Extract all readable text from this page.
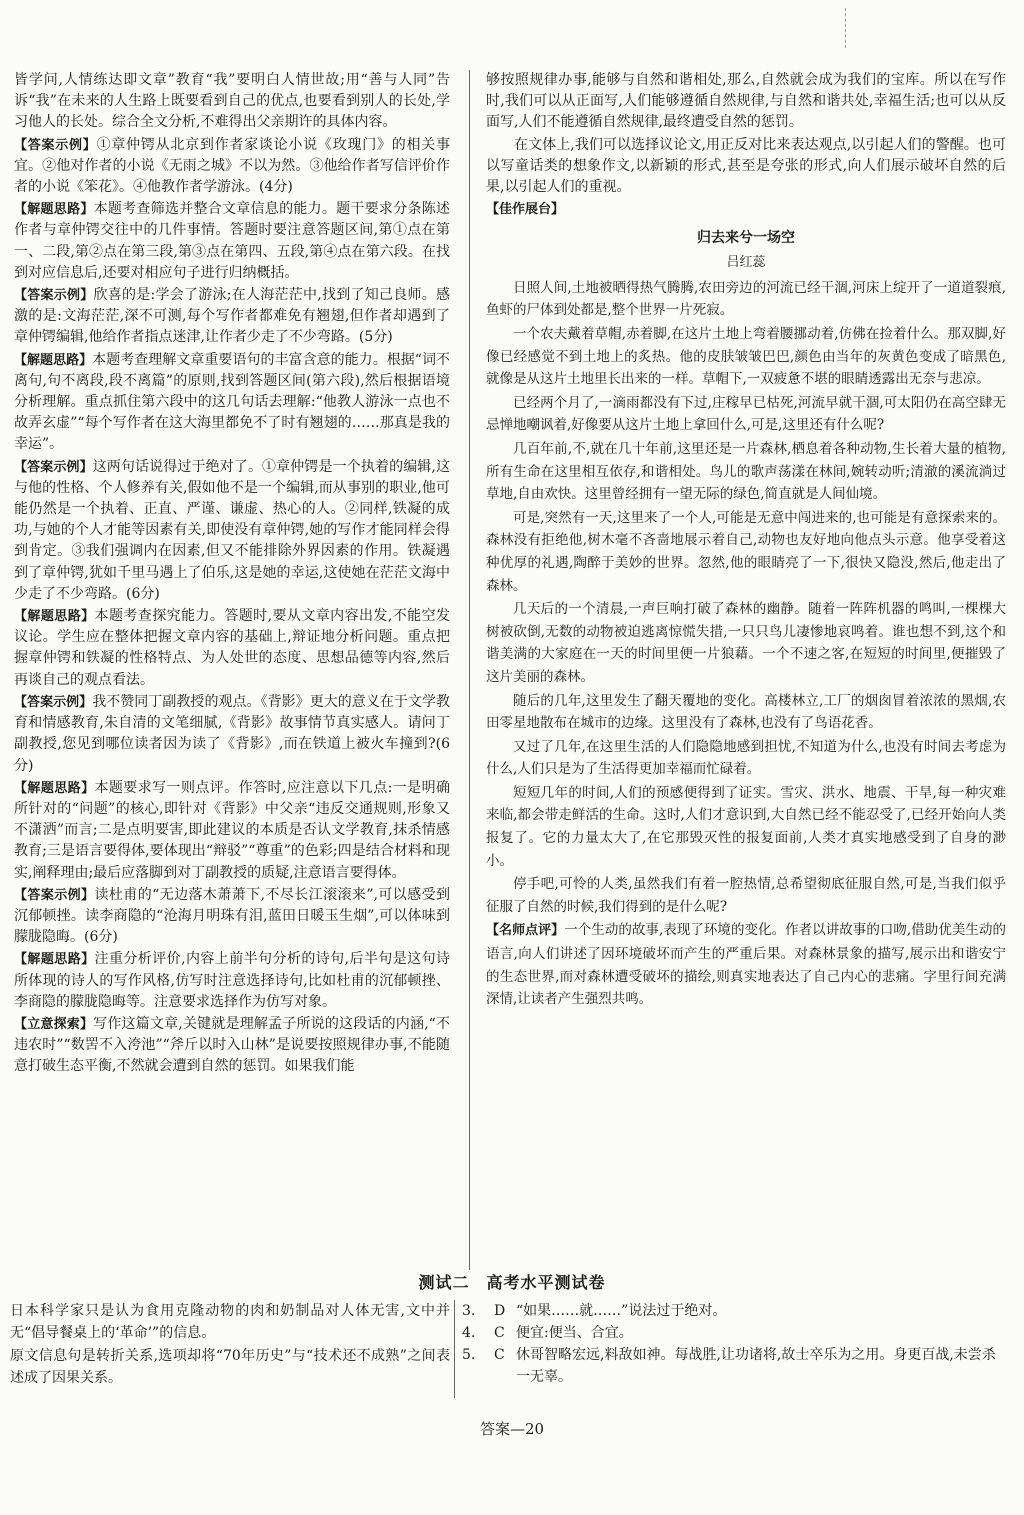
皆学问,人情练达即文章”教育“我”要明白人情世故;用“善与人同”告诉“我”在未来的人生路上既要看到自己的优点,也要看到别人的长处,学习他人的长处。综合全文分析,不难得出父亲期许的具体内容。

【答案示例】①章仲锷从北京到作者家谈论小说《玫瑰门》的相关事宜。②他对作者的小说《无雨之城》不以为然。③他给作者写信评价作者的小说《笨花》。④他教作者学游泳。(4分)

【解题思路】本题考查筛选并整合文章信息的能力。题干要求分条陈述作者与章仲锷交往中的几件事情。答题时要注意答题区间,第①点在第一、二段,第②点在第三段,第③点在第四、五段,第④点在第六段。在找到对应信息后,还要对相应句子进行归纳概括。

【答案示例】欣喜的是:学会了游泳;在人海茫茫中,找到了知己良师。感激的是:文海茫茫,深不可测,每个写作者都难免有翘翅,但作者却遇到了章仲锷编辑,他给作者指点迷津,让作者少走了不少弯路。(5分)

【解题思路】本题考查理解文章重要语句的丰富含意的能力。根据“词不离句,句不离段,段不离篇”的原则,找到答题区间(第六段),然后根据语境分析理解。重点抓住第六段中的这几句话去理解:“他教人游泳一点也不故弄玄虚”“每个写作者在这大海里都免不了时有翘翅的……那真是我的幸运”。

【答案示例】这两句话说得过于绝对了。①章仲锷是一个执着的编辑,这与他的性格、个人修养有关,假如他不是一个编辑,而从事别的职业,他可能仍然是一个执着、正直、严谨、谦虚、热心的人。②同样,铁凝的成功,与她的个人才能等因素有关,即使没有章仲锷,她的写作才能同样会得到肯定。③我们强调内在因素,但又不能排除外界因素的作用。铁凝遇到了章仲锷,犹如千里马遇上了伯乐,这是她的幸运,这使她在茫茫文海中少走了不少弯路。(6分)

【解题思路】本题考查探究能力。答题时,要从文章内容出发,不能空发议论。学生应在整体把握文章内容的基础上,辩证地分析问题。重点把握章仲锷和铁凝的性格特点、为人处世的态度、思想品德等内容,然后再谈自己的观点看法。

【答案示例】我不赞同丁副教授的观点。《背影》更大的意义在于文学教育和情感教育,朱自清的文笔细腻,《背影》故事情节真实感人。请问丁副教授,您见到哪位读者因为读了《背影》,而在铁道上被火车撞到?(6分)

【解题思路】本题要求写一则点评。作答时,应注意以下几点:一是明确所针对的“问题”的核心,即针对《背影》中父亲“违反交通规则,形象又不潇洒”而言;二是点明要害,即此建议的本质是否认文学教育,抹杀情感教育;三是语言要得体,要体现出“辩驳”“尊重”的色彩;四是结合材料和现实,阐释理由;最后应落脚到对丁副教授的质疑,注意语言要得体。

【答案示例】读杜甫的“无边落木萧萧下,不尽长江滚滚来”,可以感受到沉郁顿挫。读李商隐的“沧海月明珠有泪,蓝田日暖玉生烟”,可以体味到朦胧隐晦。(6分)

【解题思路】注重分析评价,内容上前半句分析的诗句,后半句是这句诗所体现的诗人的写作风格,仿写时注意选择诗句,比如杜甫的沉郁顿挫、李商隐的朦胧隐晦等。注意要求选择作为仿写对象。

【立意探索】写作这篇文章,关键就是理解孟子所说的这段话的内涵,“不违农时”“数罟不入洿池”“斧斤以时入山林”是说要按照规律办事,不能随意打破生态平衡,不然就会遭到自然的惩罚。如果我们能

够按照规律办事,能够与自然和谐相处,那么,自然就会成为我们的宝库。所以在写作时,我们可以从正面写,人们能够遵循自然规律,与自然和谐共处,幸福生活;也可以从反面写,人们不能遵循自然规律,最终遭受自然的惩罚。

在文体上,我们可以选择议论文,用正反对比来表达观点,以引起人们的警醒。也可以写童话类的想象作文,以新颖的形式,甚至是夸张的形式,向人们展示破坏自然的后果,以引起人们的重视。

【佳作展台】
归去来兮一场空
吕红蕊

日照人间,土地被晒得热气腾腾,农田旁边的河流已经干涸,河床上绽开了一道道裂痕,鱼虾的尸体到处都是,整个世界一片死寂。

一个农夫戴着草帽,赤着脚,在这片土地上弯着腰挪动着,仿佛在捡着什么。那双脚,好像已经感觉不到土地上的炙热。他的皮肤皱皱巴巴,颜色由当年的灰黄色变成了暗黑色,就像是从这片土地里长出来的一样。草帽下,一双疲惫不堪的眼睛透露出无奈与悲凉。

已经两个月了,一滴雨都没有下过,庄稼早已枯死,河流早就干涸,可太阳仍在高空肆无忌惮地嘲讽着,好像要从这片土地上拿回什么,可是,这里还有什么呢?

几百年前,不,就在几十年前,这里还是一片森林,栖息着各种动物,生长着大量的植物,所有生命在这里相互依存,和谐相处。鸟儿的歌声荡漾在林间,婉转动听;清澈的溪流淌过草地,自由欢快。这里曾经拥有一望无际的绿色,简直就是人间仙境。

可是,突然有一天,这里来了一个人,可能是无意中闯进来的,也可能是有意探索来的。森林没有拒绝他,树木毫不吝啬地展示着自己,动物也友好地向他点头示意。他享受着这种优厚的礼遇,陶醉于美妙的世界。忽然,他的眼睛亮了一下,很快又隐没,然后,他走出了森林。

几天后的一个清晨,一声巨响打破了森林的幽静。随着一阵阵机器的鸣叫,一棵棵大树被砍倒,无数的动物被迫逃离惊慌失措,一只只鸟儿凄惨地哀鸣着。谁也想不到,这个和谐美满的大家庭在一天的时间里便一片狼藉。一个不速之客,在短短的时间里,便摧毁了这片美丽的森林。

随后的几年,这里发生了翻天覆地的变化。高楼林立,工厂的烟囱冒着浓浓的黑烟,农田零星地散布在城市的边缘。这里没有了森林,也没有了鸟语花香。

又过了几年,在这里生活的人们隐隐地感到担忧,不知道为什么,也没有时间去考虑为什么,人们只是为了生活得更加幸福而忙碌着。

短短几年的时间,人们的预感便得到了证实。雪灾、洪水、地震、干旱,每一种灾难来临,都会带走鲜活的生命。这时,人们才意识到,大自然已经不能忍受了,已经开始向人类报复了。它的力量太大了,在它那毁灭性的报复面前,人类才真实地感受到了自身的渺小。

停手吧,可怜的人类,虽然我们有着一腔热情,总希望彻底征服自然,可是,当我们似乎征服了自然的时候,我们得到的是什么呢?

【名师点评】一个生动的故事,表现了环境的变化。作者以讲故事的口吻,借助优美生动的语言,向人们讲述了因环境破坏而产生的严重后果。对森林景象的描写,展示出和谐安宁的生态世界,而对森林遭受破坏的描绘,则真实地表达了自己内心的悲痛。字里行间充满深情,让读者产生强烈共鸣。

测试二　高考水平测试卷

日本科学家只是认为食用克隆动物的肉和奶制品对人体无害,文中并无“倡导餐桌上的‘革命’”的信息。

原文信息句是转折关系,选项却将“70年历史”与“技术还不成熟”之间表述成了因果关系。

3.	D “如果……就……”说法过于绝对。
4.	C 便宜:便当、合宜。
5.	C 休哥智略宏远,料敌如神。每战胜,让功诸将,故士卒乐为之用。身更百战,未尝杀一无辜。
答案—20
